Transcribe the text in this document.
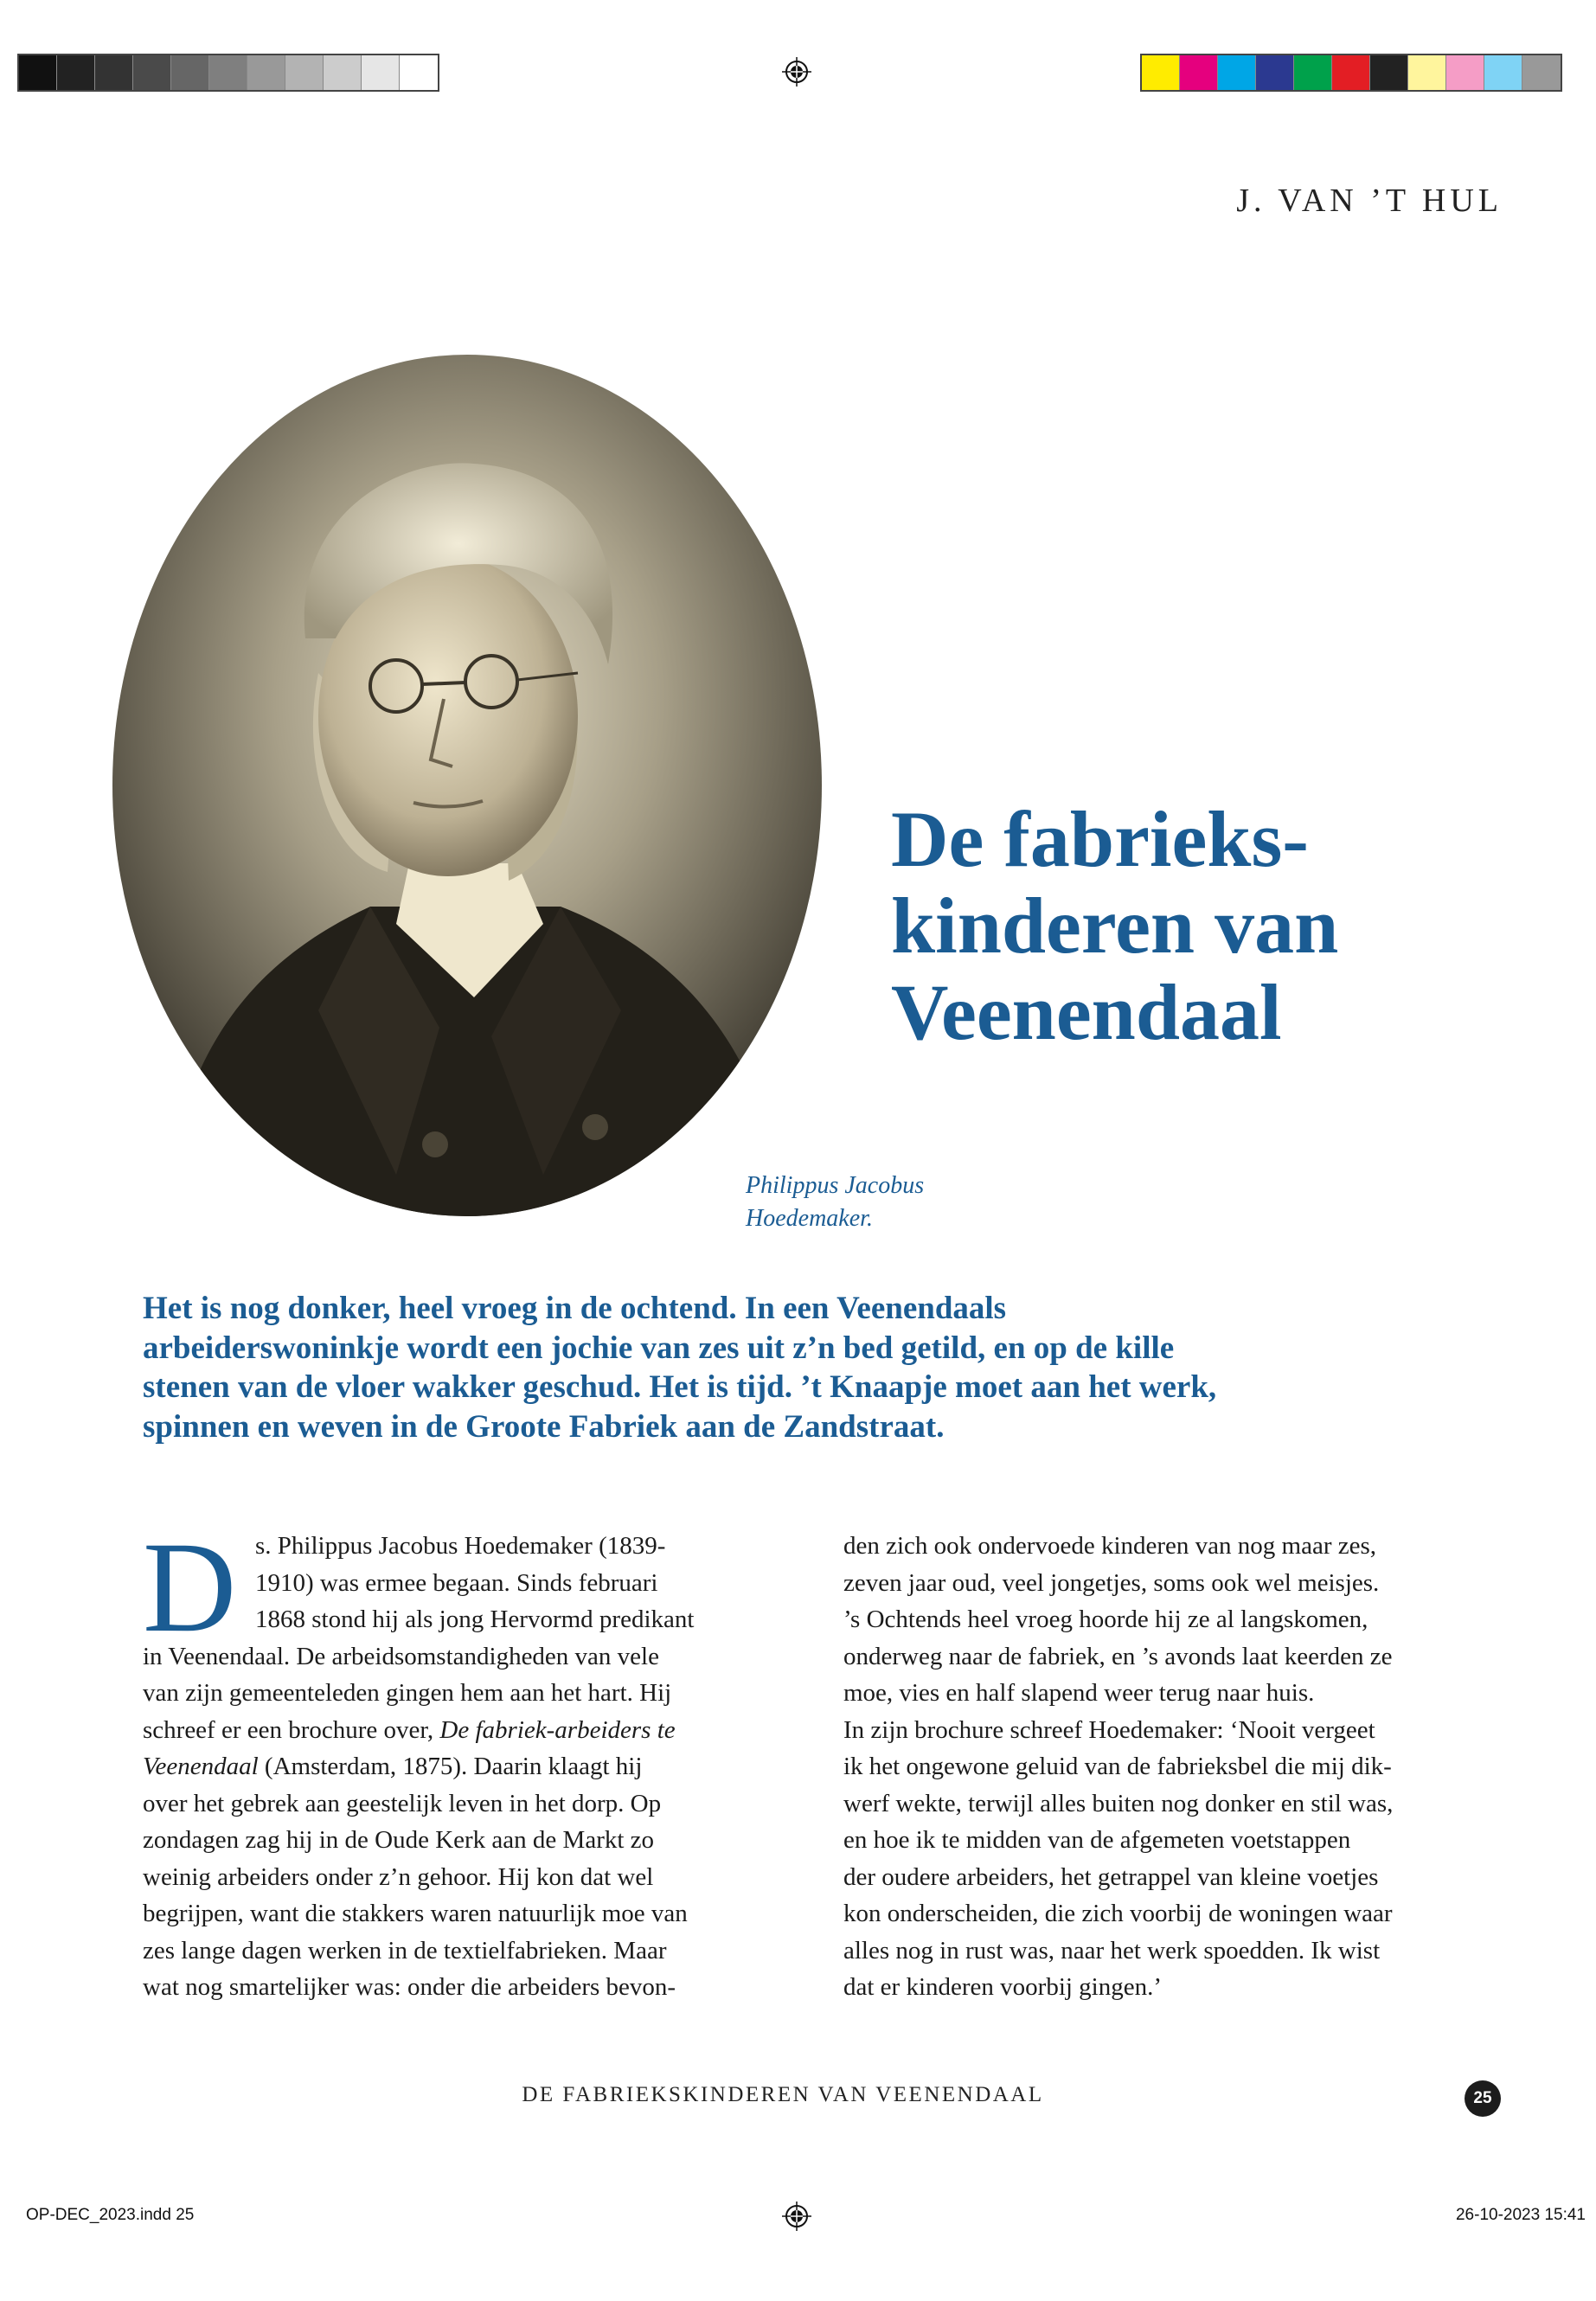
J. VAN ’T HUL
De fabrieks-
kinderen van
Veenendaal
Philippus Jacobus
Hoedemaker.
Het is nog donker, heel vroeg in de ochtend. In een Veenendaals
arbeiderswoninkje wordt een jochie van zes uit z’n bed getild, en op de kille
stenen van de vloer wakker geschud. Het is tijd. ’t Knaapje moet aan het werk,
spinnen en weven in de Groote Fabriek aan de Zandstraat.
D s. Philippus Jacobus Hoedemaker (1839-
1910) was ermee begaan. Sinds februari
1868 stond hij als jong Hervormd predikant
in Veenendaal. De arbeidsomstandigheden van vele
van zijn gemeenteleden gingen hem aan het hart. Hij
schreef er een brochure over, De fabriek-arbeiders te
Veenendaal (Amsterdam, 1875). Daarin klaagt hij
over het gebrek aan geestelijk leven in het dorp. Op
zondagen zag hij in de Oude Kerk aan de Markt zo
weinig arbeiders onder z’n gehoor. Hij kon dat wel
begrijpen, want die stakkers waren natuurlijk moe van
zes lange dagen werken in de textielfabrieken. Maar
wat nog smartelijker was: onder die arbeiders bevon-
den zich ook ondervoede kinderen van nog maar zes,
zeven jaar oud, veel jongetjes, soms ook wel meisjes.
’s Ochtends heel vroeg hoorde hij ze al langskomen,
onderweg naar de fabriek, en ’s avonds laat keerden ze
moe, vies en half slapend weer terug naar huis.
In zijn brochure schreef Hoedemaker: ‘Nooit vergeet
ik het ongewone geluid van de fabrieksbel die mij dik-
werf wekte, terwijl alles buiten nog donker en stil was,
en hoe ik te midden van de afgemeten voetstappen
der oudere arbeiders, het getrappel van kleine voetjes
kon onderscheiden, die zich voorbij de woningen waar
alles nog in rust was, naar het werk spoedden. Ik wist
dat er kinderen voorbij gingen.’
DE FABRIEKSKINDEREN VAN VEENENDAAL	25
OP-DEC_2023.indd 25	26-10-2023 15:41
